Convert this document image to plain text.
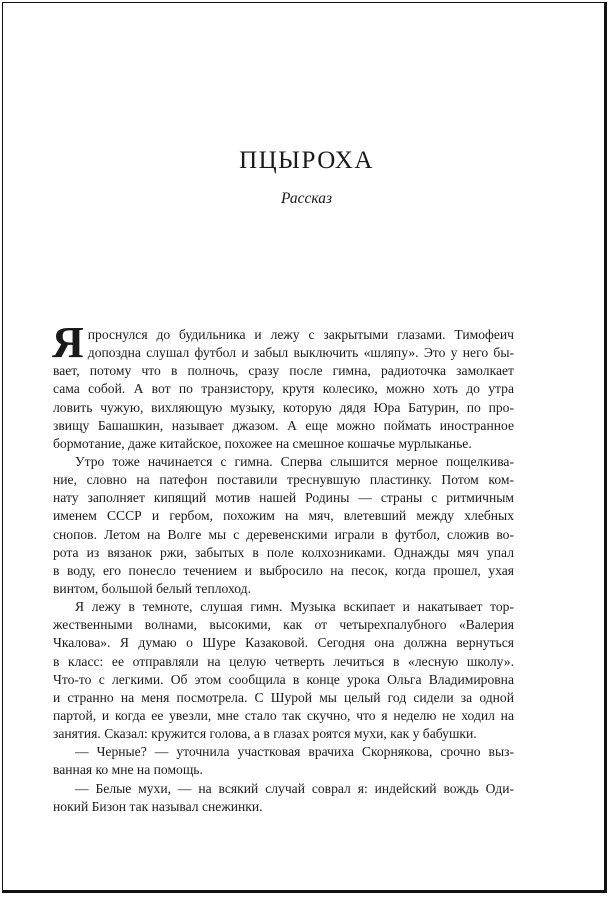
ПЦЫРОХА
Рассказ
Я проснулся до будильника и лежу с закрытыми глазами. Тимофеич
допоздна слушал футбол и забыл выключить «шляпу». Это у него бы-
вает, потому что в полночь, сразу после гимна, радиоточка замолкает
сама собой. А вот по транзистору, крутя колесико, можно хоть до утра
ловить чужую, вихляющую музыку, которую дядя Юра Батурин, по про-
звищу Башашкин, называет джазом. А еще можно поймать иностранное
бормотание, даже китайское, похожее на смешное кошачье мурлыканье.
Утро тоже начинается с гимна. Сперва слышится мерное пощелкива-
ние, словно на патефон поставили треснувшую пластинку. Потом ком-
нату заполняет кипящий мотив нашей Родины — страны с ритмичным
именем СССР и гербом, похожим на мяч, влетевший между хлебных
снопов. Летом на Волге мы с деревенскими играли в футбол, сложив во-
рота из вязанок ржи, забытых в поле колхозниками. Однажды мяч упал
в воду, его понесло течением и выбросило на песок, когда прошел, ухая
винтом, большой белый теплоход.
Я лежу в темноте, слушая гимн. Музыка вскипает и накатывает тор-
жественными волнами, высокими, как от четырехпалубного «Валерия
Чкалова». Я думаю о Шуре Казаковой. Сегодня она должна вернуться
в класс: ее отправляли на целую четверть лечиться в «лесную школу».
Что-то с легкими. Об этом сообщила в конце урока Ольга Владимировна
и странно на меня посмотрела. С Шурой мы целый год сидели за одной
партой, и когда ее увезли, мне стало так скучно, что я неделю не ходил на
занятия. Сказал: кружится голова, а в глазах роятся мухи, как у бабушки.
— Черные? — уточнила участковая врачиха Скорнякова, срочно выз-
ванная ко мне на помощь.
— Белые мухи, — на всякий случай соврал я: индейский вождь Оди-
нокий Бизон так называл снежинки.
